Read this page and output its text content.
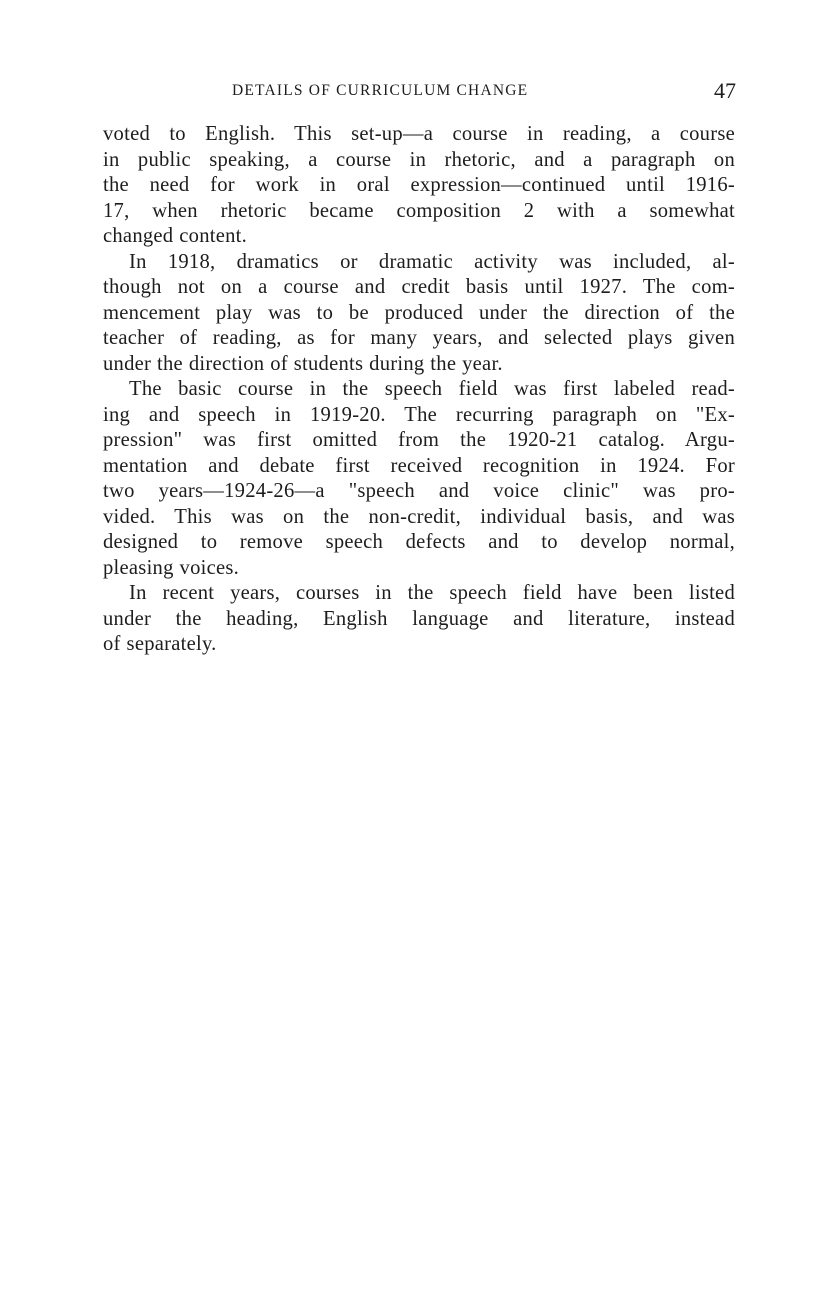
DETAILS OF CURRICULUM CHANGE	47

voted to English. This set-up—a course in reading, a course
in public speaking, a course in rhetoric, and a paragraph on
the need for work in oral expression—continued until 1916-
17, when rhetoric became composition 2 with a somewhat
changed content.

In 1918, dramatics or dramatic activity was included, al-
though not on a course and credit basis until 1927. The com-
mencement play was to be produced under the direction of the
teacher of reading, as for many years, and selected plays given
under the direction of students during the year.

The basic course in the speech field was first labeled read-
ing and speech in 1919-20. The recurring paragraph on "Ex-
pression" was first omitted from the 1920-21 catalog. Argu-
mentation and debate first received recognition in 1924. For
two years—1924-26—a "speech and voice clinic" was pro-
vided. This was on the non-credit, individual basis, and was
designed to remove speech defects and to develop normal,
pleasing voices.

In recent years, courses in the speech field have been listed
under the heading, English language and literature, instead
of separately.
